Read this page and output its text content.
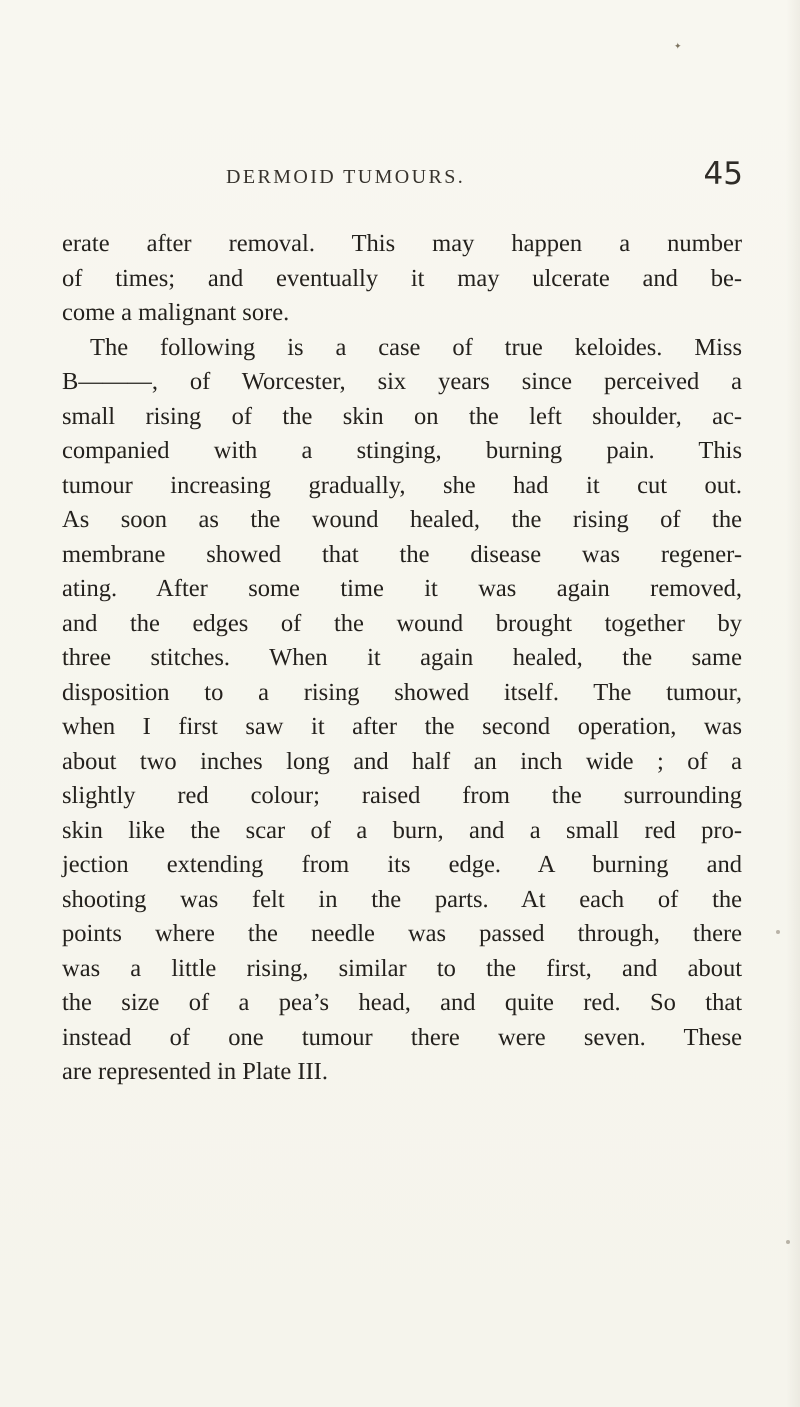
✦
DERMOID TUMOURS.	45
erate after removal. This may happen a number
of times; and eventually it may ulcerate and be-
come a malignant sore.
The following is a case of true keloides. Miss
B———, of Worcester, six years since perceived a
small rising of the skin on the left shoulder, ac-
companied with a stinging, burning pain. This
tumour increasing gradually, she had it cut out.
As soon as the wound healed, the rising of the
membrane showed that the disease was regener-
ating. After some time it was again removed,
and the edges of the wound brought together by
three stitches. When it again healed, the same
disposition to a rising showed itself. The tumour,
when I first saw it after the second operation, was
about two inches long and half an inch wide ; of a
slightly red colour; raised from the surrounding
skin like the scar of a burn, and a small red pro-
jection extending from its edge. A burning and
shooting was felt in the parts. At each of the
points where the needle was passed through, there
was a little rising, similar to the first, and about
the size of a pea’s head, and quite red. So that
instead of one tumour there were seven. These
are represented in Plate III.
